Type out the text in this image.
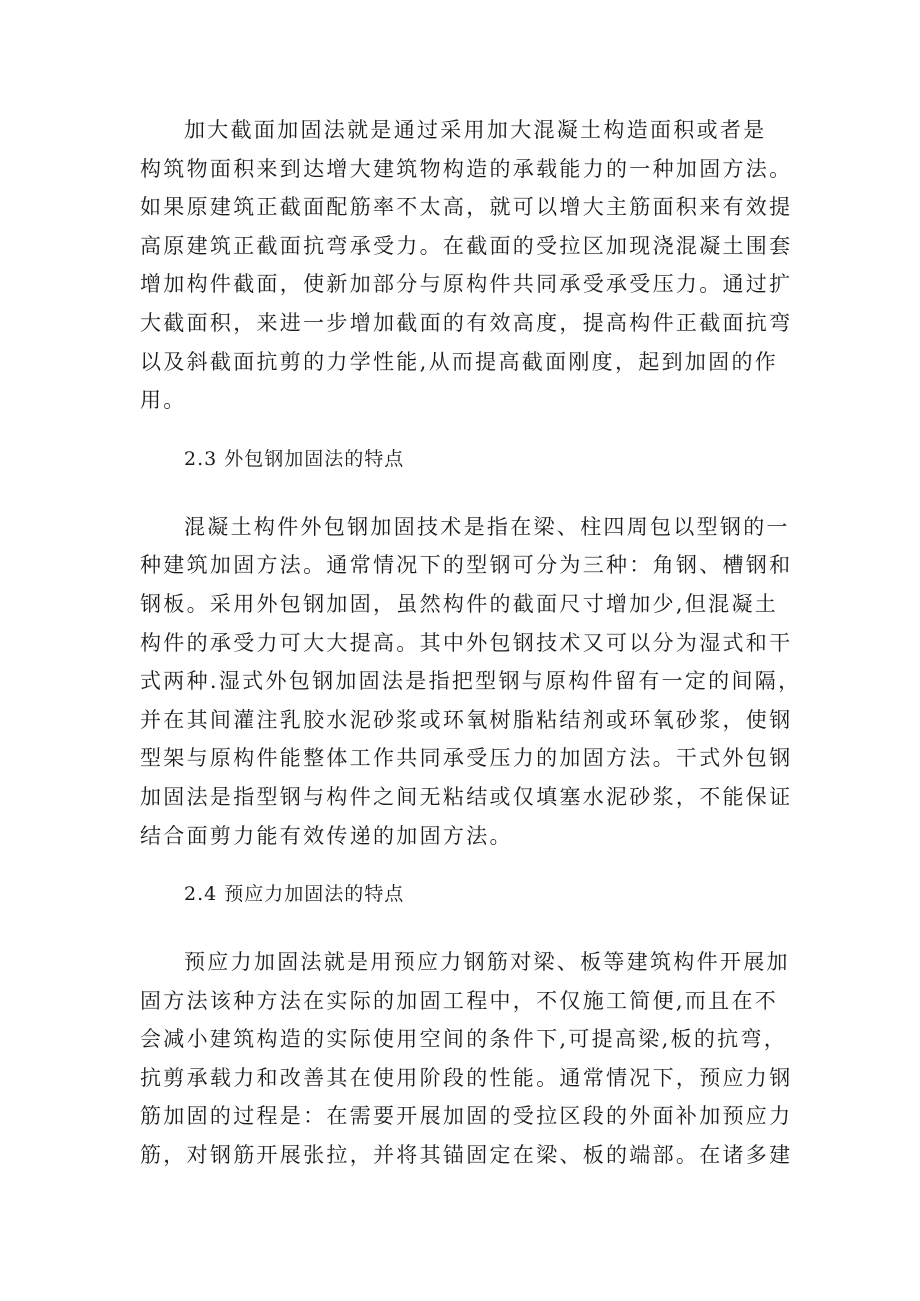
加大截面加固法就是通过采用加大混凝土构造面积或者是
构筑物面积来到达增大建筑物构造的承载能力的一种加固方法。
如果原建筑正截面配筋率不太高，就可以增大主筋面积来有效提
高原建筑正截面抗弯承受力。在截面的受拉区加现浇混凝土围套
增加构件截面，使新加部分与原构件共同承受承受压力。通过扩
大截面积，来进一步增加截面的有效高度，提高构件正截面抗弯
以及斜截面抗剪的力学性能,从而提高截面刚度，起到加固的作
用。
2.3 外包钢加固法的特点
混凝土构件外包钢加固技术是指在梁、柱四周包以型钢的一
种建筑加固方法。通常情况下的型钢可分为三种：角钢、槽钢和
钢板。采用外包钢加固，虽然构件的截面尺寸增加少,但混凝土
构件的承受力可大大提高。其中外包钢技术又可以分为湿式和干
式两种.湿式外包钢加固法是指把型钢与原构件留有一定的间隔，
并在其间灌注乳胶水泥砂浆或环氧树脂粘结剂或环氧砂浆，使钢
型架与原构件能整体工作共同承受压力的加固方法。干式外包钢
加固法是指型钢与构件之间无粘结或仅填塞水泥砂浆，不能保证
结合面剪力能有效传递的加固方法。
2.4 预应力加固法的特点
预应力加固法就是用预应力钢筋对梁、板等建筑构件开展加
固方法该种方法在实际的加固工程中，不仅施工简便,而且在不
会减小建筑构造的实际使用空间的条件下,可提高梁,板的抗弯，
抗剪承载力和改善其在使用阶段的性能。通常情况下，预应力钢
筋加固的过程是：在需要开展加固的受拉区段的外面补加预应力
筋，对钢筋开展张拉，并将其锚固定在梁、板的端部。在诸多建
